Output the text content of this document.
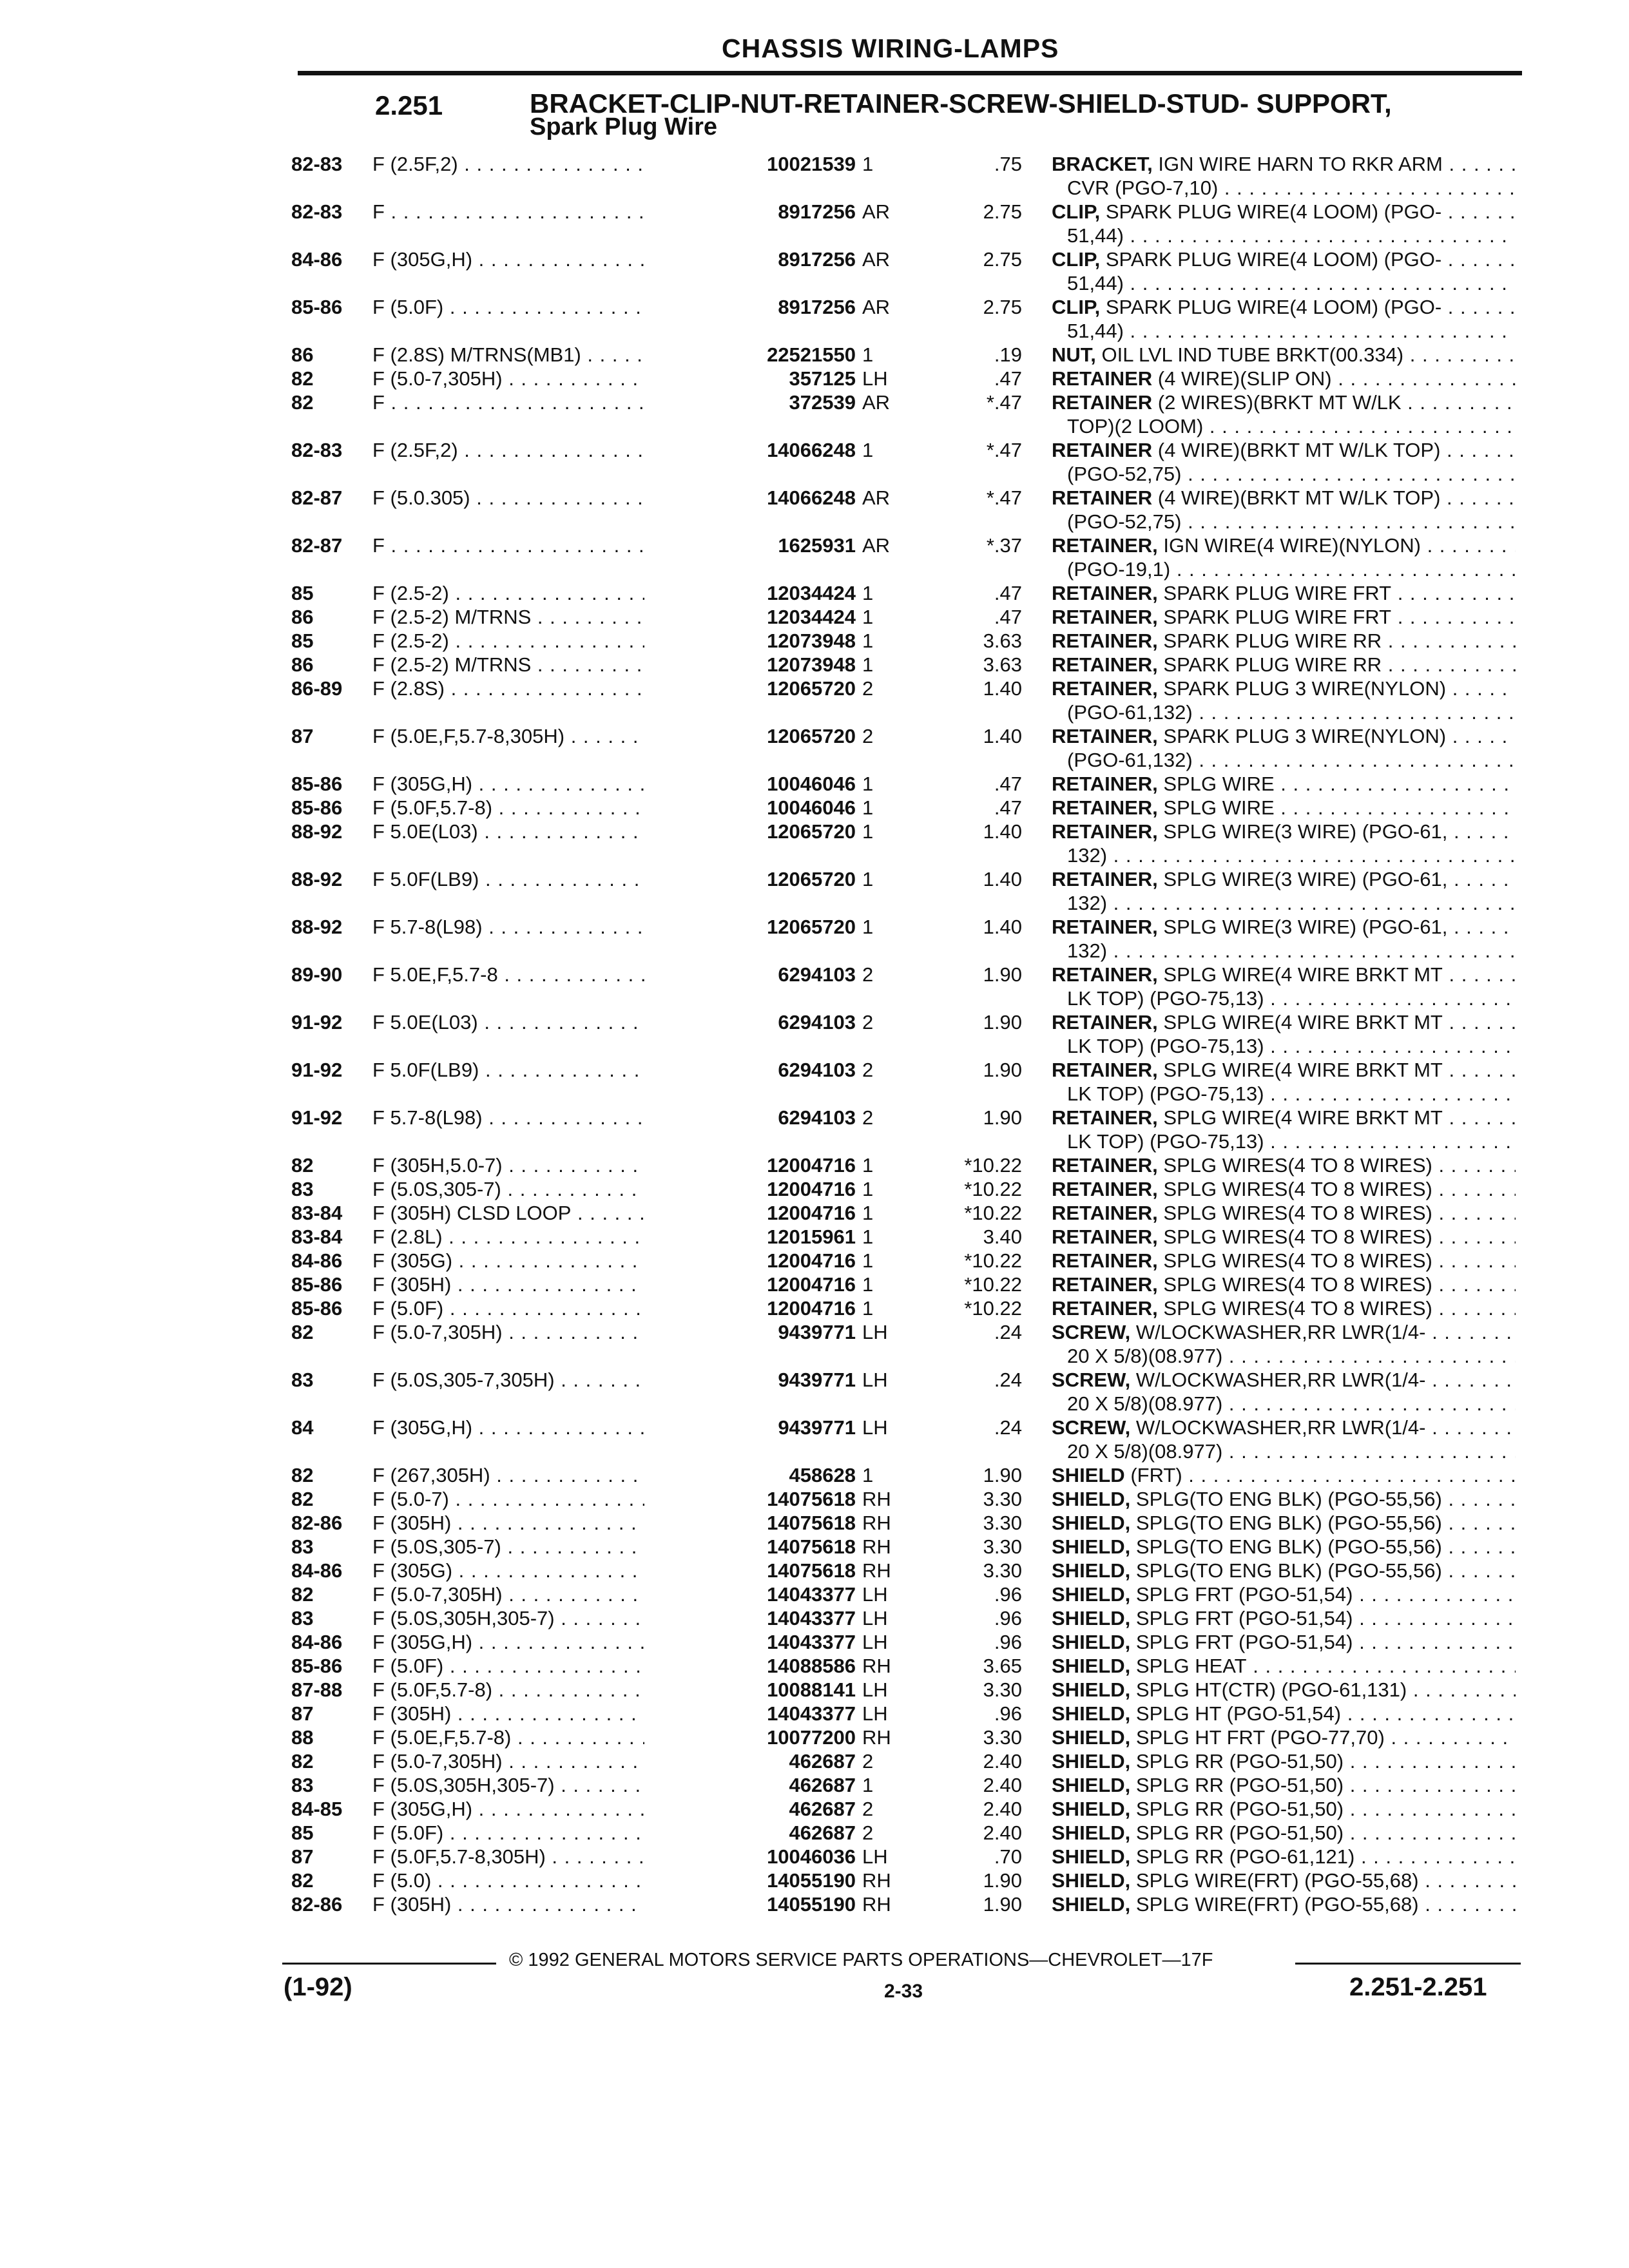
CHASSIS WIRING-LAMPS
2.251	BRACKET-CLIP-NUT-RETAINER-SCREW-SHIELD-STUD- SUPPORT,
Spark Plug Wire
82-83 F (2.5F,2) . . .	10021539 1	.75 BRACKET, IGN WIRE HARN TO RKR ARM . . .
CVR (PGO-7,10) . . .
82-83 F . . .	8917256 AR	2.75 CLIP, SPARK PLUG WIRE(4 LOOM) (PGO- . . .
51,44) . . .
84-86 F (305G,H) . . .	8917256 AR	2.75 CLIP, SPARK PLUG WIRE(4 LOOM) (PGO- . . .
51,44) . . .
85-86 F (5.0F) . . .	8917256 AR	2.75 CLIP, SPARK PLUG WIRE(4 LOOM) (PGO- . . .
51,44) . . .
86	F (2.8S) M/TRNS(MB1) . . .	22521550 1	.19 NUT, OIL LVL IND TUBE BRKT(00.334) . . .
82	F (5.0-7,305H) . . .	357125 LH	.47 RETAINER (4 WIRE)(SLIP ON) . . .
82	F . . .	372539 AR	*.47 RETAINER (2 WIRES)(BRKT MT W/LK . . .
TOP)(2 LOOM) . . .
82-83 F (2.5F,2) . . .	14066248 1	*.47 RETAINER (4 WIRE)(BRKT MT W/LK TOP) . . .
(PGO-52,75) . . .
82-87 F (5.0.305) . . .	14066248 AR	*.47 RETAINER (4 WIRE)(BRKT MT W/LK TOP) . . .
(PGO-52,75) . . .
82-87 F . . .	1625931 AR	*.37 RETAINER, IGN WIRE(4 WIRE)(NYLON) . . .
(PGO-19,1) . . .
85	F (2.5-2) . . .	12034424 1	.47 RETAINER, SPARK PLUG WIRE FRT . . .
86	F (2.5-2) M/TRNS . . .	12034424 1	.47 RETAINER, SPARK PLUG WIRE FRT . . .
85	F (2.5-2) . . .	12073948 1	3.63 RETAINER, SPARK PLUG WIRE RR . . .
86	F (2.5-2) M/TRNS . . .	12073948 1	3.63 RETAINER, SPARK PLUG WIRE RR . . .
86-89 F (2.8S) . . .	12065720 2	1.40 RETAINER, SPARK PLUG 3 WIRE(NYLON) . . .
(PGO-61,132) . . .
87	F (5.0E,F,5.7-8,305H) . . .	12065720 2	1.40 RETAINER, SPARK PLUG 3 WIRE(NYLON) . . .
(PGO-61,132) . . .
85-86 F (305G,H) . . .	10046046 1	.47 RETAINER, SPLG WIRE . . .
85-86 F (5.0F,5.7-8) . . .	10046046 1	.47 RETAINER, SPLG WIRE . . .
88-92 F 5.0E(L03) . . .	12065720 1	1.40 RETAINER, SPLG WIRE(3 WIRE) (PGO-61, . . .
132) . . .
88-92 F 5.0F(LB9) . . .	12065720 1	1.40 RETAINER, SPLG WIRE(3 WIRE) (PGO-61, . . .
132) . . .
88-92 F 5.7-8(L98) . . .	12065720 1	1.40 RETAINER, SPLG WIRE(3 WIRE) (PGO-61, . . .
132) . . .
89-90 F 5.0E,F,5.7-8 . . .	6294103 2	1.90 RETAINER, SPLG WIRE(4 WIRE BRKT MT . . .
LK TOP) (PGO-75,13) . . .
91-92 F 5.0E(L03) . . .	6294103 2	1.90 RETAINER, SPLG WIRE(4 WIRE BRKT MT . . .
LK TOP) (PGO-75,13) . . .
91-92 F 5.0F(LB9) . . .	6294103 2	1.90 RETAINER, SPLG WIRE(4 WIRE BRKT MT . . .
LK TOP) (PGO-75,13) . . .
91-92 F 5.7-8(L98) . . .	6294103 2	1.90 RETAINER, SPLG WIRE(4 WIRE BRKT MT . . .
LK TOP) (PGO-75,13) . . .
82	F (305H,5.0-7) . . .	12004716 1	*10.22 RETAINER, SPLG WIRES(4 TO 8 WIRES) . . .
83	F (5.0S,305-7) . . .	12004716 1	*10.22 RETAINER, SPLG WIRES(4 TO 8 WIRES) . . .
83-84 F (305H) CLSD LOOP . . .	12004716 1	*10.22 RETAINER, SPLG WIRES(4 TO 8 WIRES) . . .
83-84 F (2.8L) . . .	12015961 1	3.40 RETAINER, SPLG WIRES(4 TO 8 WIRES) . . .
84-86 F (305G) . . .	12004716 1	*10.22 RETAINER, SPLG WIRES(4 TO 8 WIRES) . . .
85-86 F (305H) . . .	12004716 1	*10.22 RETAINER, SPLG WIRES(4 TO 8 WIRES) . . .
85-86 F (5.0F) . . .	12004716 1	*10.22 RETAINER, SPLG WIRES(4 TO 8 WIRES) . . .
82	F (5.0-7,305H) . . .	9439771 LH	.24 SCREW, W/LOCKWASHER,RR LWR(1/4- . . .
20 X 5/8)(08.977) . . .
83	F (5.0S,305-7,305H) . . .	9439771 LH	.24 SCREW, W/LOCKWASHER,RR LWR(1/4- . . .
20 X 5/8)(08.977) . . .
84	F (305G,H) . . .	9439771 LH	.24 SCREW, W/LOCKWASHER,RR LWR(1/4- . . .
20 X 5/8)(08.977) . . .
82	F (267,305H) . . .	458628 1	1.90 SHIELD (FRT) . . .
82	F (5.0-7) . . .	14075618 RH	3.30 SHIELD, SPLG(TO ENG BLK) (PGO-55,56) . . .
82-86 F (305H) . . .	14075618 RH	3.30 SHIELD, SPLG(TO ENG BLK) (PGO-55,56) . . .
83	F (5.0S,305-7) . . .	14075618 RH	3.30 SHIELD, SPLG(TO ENG BLK) (PGO-55,56) . . .
84-86 F (305G) . . .	14075618 RH	3.30 SHIELD, SPLG(TO ENG BLK) (PGO-55,56) . . .
82	F (5.0-7,305H) . . .	14043377 LH	.96 SHIELD, SPLG FRT (PGO-51,54) . . .
83	F (5.0S,305H,305-7) . . .	14043377 LH	.96 SHIELD, SPLG FRT (PGO-51,54) . . .
84-86 F (305G,H) . . .	14043377 LH	.96 SHIELD, SPLG FRT (PGO-51,54) . . .
85-86 F (5.0F) . . .	14088586 RH	3.65 SHIELD, SPLG HEAT . . .
87-88 F (5.0F,5.7-8) . . .	10088141 LH	3.30 SHIELD, SPLG HT(CTR) (PGO-61,131) . . .
87	F (305H) . . .	14043377 LH	.96 SHIELD, SPLG HT (PGO-51,54) . . .
88	F (5.0E,F,5.7-8) . . .	10077200 RH	3.30 SHIELD, SPLG HT FRT (PGO-77,70) . . .
82	F (5.0-7,305H) . . .	462687 2	2.40 SHIELD, SPLG RR (PGO-51,50) . . .
83	F (5.0S,305H,305-7) . . .	462687 1	2.40 SHIELD, SPLG RR (PGO-51,50) . . .
84-85 F (305G,H) . . .	462687 2	2.40 SHIELD, SPLG RR (PGO-51,50) . . .
85	F (5.0F) . . .	462687 2	2.40 SHIELD, SPLG RR (PGO-51,50) . . .
87	F (5.0F,5.7-8,305H) . . .	10046036 LH	.70 SHIELD, SPLG RR (PGO-61,121) . . .
82	F (5.0) . . .	14055190 RH	1.90 SHIELD, SPLG WIRE(FRT) (PGO-55,68) . . .
82-86 F (305H) . . .	14055190 RH	1.90 SHIELD, SPLG WIRE(FRT) (PGO-55,68) . . .
© 1992 GENERAL MOTORS SERVICE PARTS OPERATIONS—CHEVROLET—17F
(1-92)	2-33	2.251-2.251
